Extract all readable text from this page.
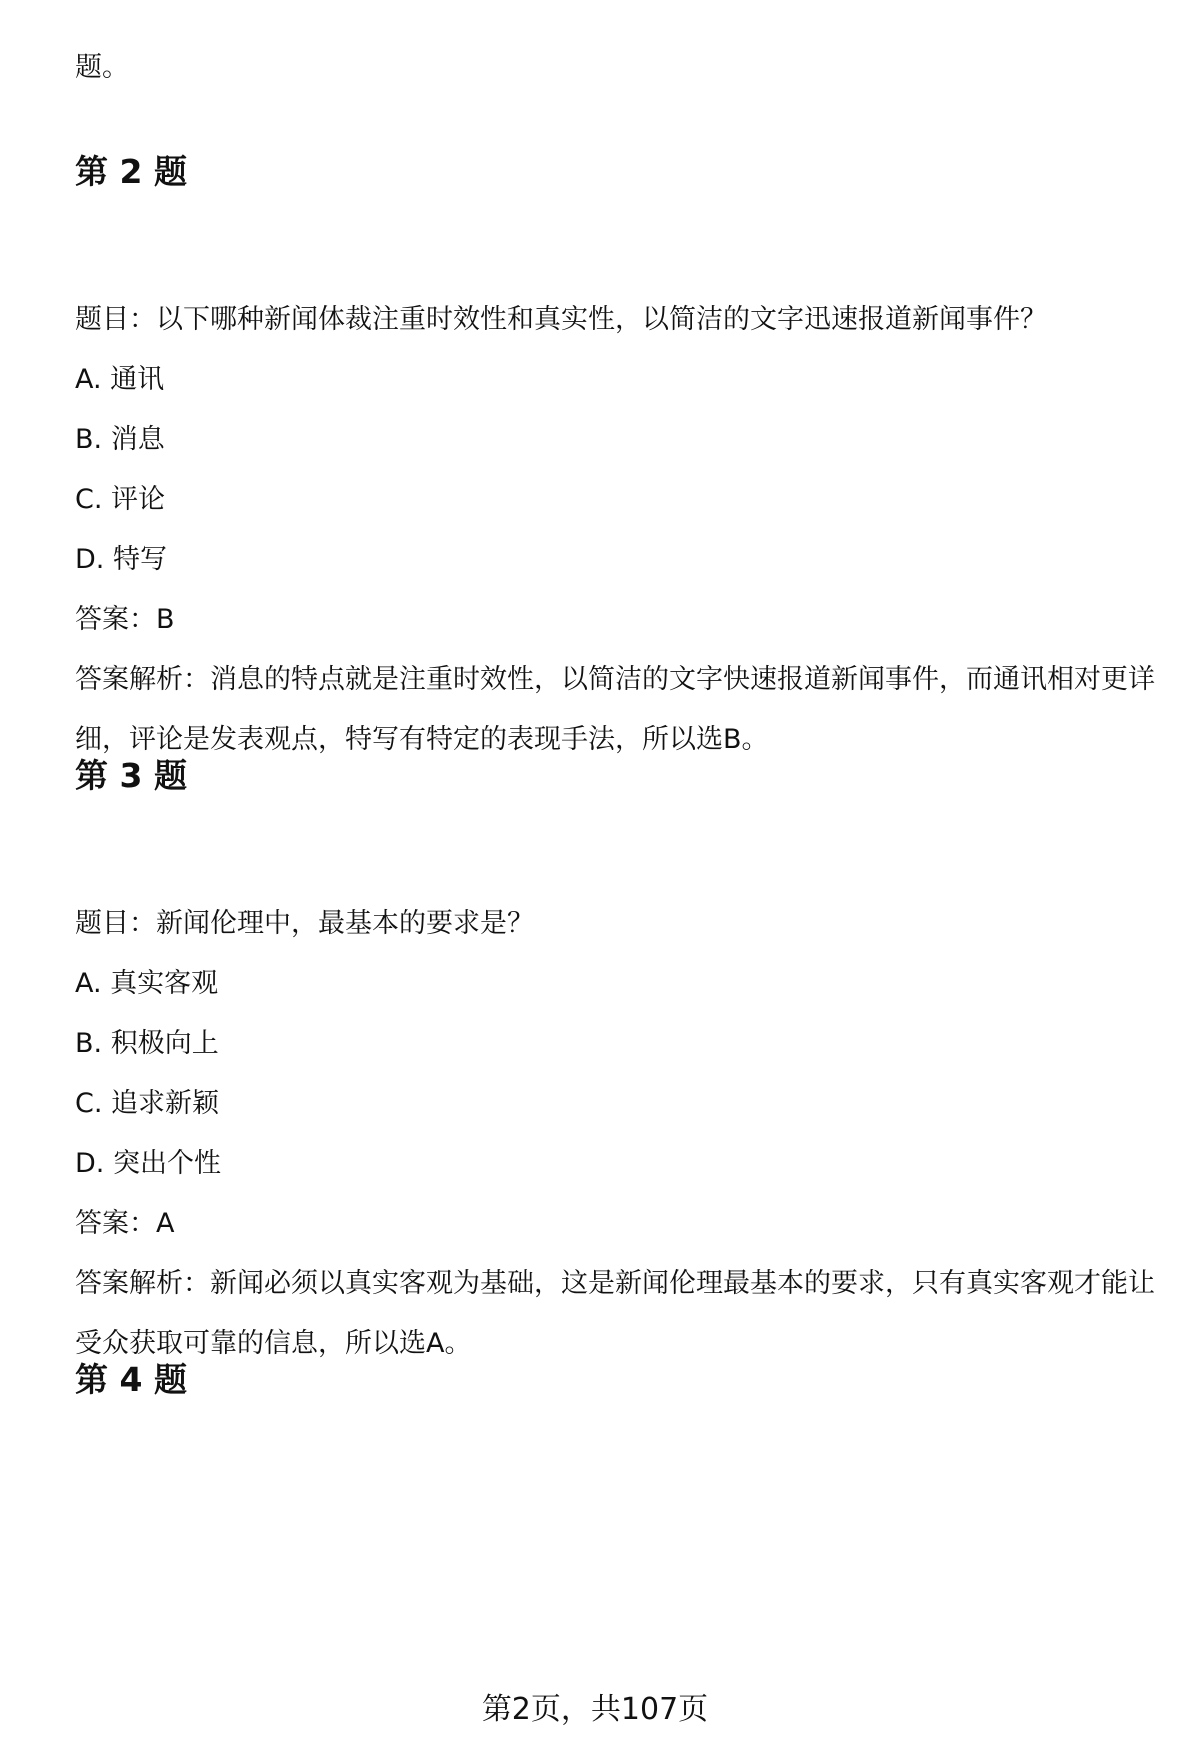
题。
第 2 题
题目：以下哪种新闻体裁注重时效性和真实性，以简洁的文字迅速报道新闻事件？
A. 通讯
B. 消息
C. 评论
D. 特写
答案：B
答案解析：消息的特点就是注重时效性，以简洁的文字快速报道新闻事件，而通讯相对更详细，评论是发表观点，特写有特定的表现手法，所以选B。
第 3 题
题目：新闻伦理中，最基本的要求是？
A. 真实客观
B. 积极向上
C. 追求新颖
D. 突出个性
答案：A
答案解析：新闻必须以真实客观为基础，这是新闻伦理最基本的要求，只有真实客观才能让受众获取可靠的信息，所以选A。
第 4 题
第2页，共107页
